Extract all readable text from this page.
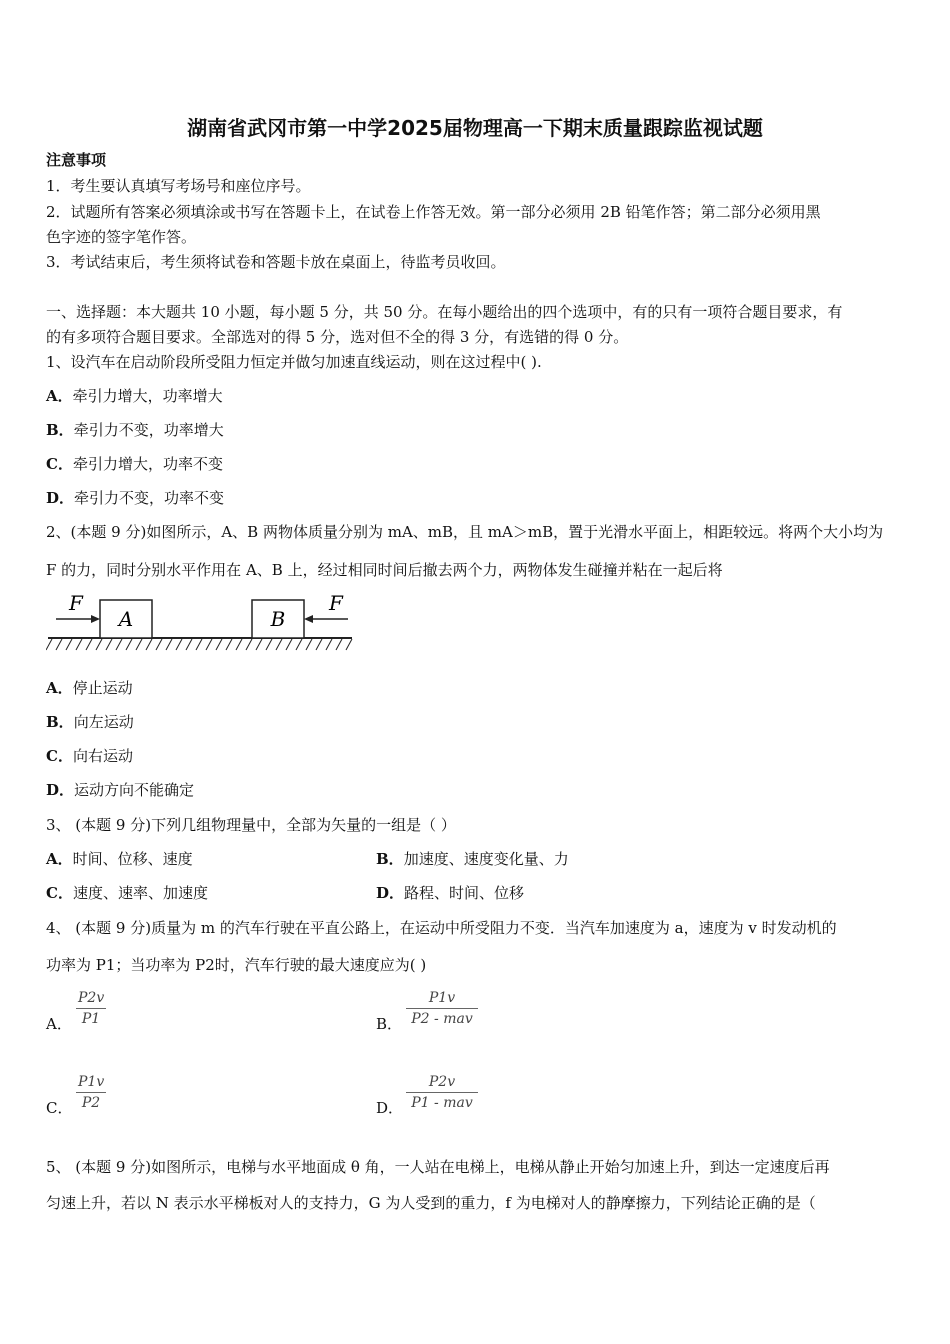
湖南省武冈市第一中学2025届物理高一下期末质量跟踪监视试题
注意事项
1．考生要认真填写考场号和座位序号。
2．试题所有答案必须填涂或书写在答题卡上，在试卷上作答无效。第一部分必须用 2B 铅笔作答；第二部分必须用黑
色字迹的签字笔作答。
3．考试结束后，考生须将试卷和答题卡放在桌面上，待监考员收回。
一、选择题：本大题共 10 小题，每小题 5 分，共 50 分。在每小题给出的四个选项中，有的只有一项符合题目要求，有
的有多项符合题目要求。全部选对的得 5 分，选对但不全的得 3 分，有选错的得 0 分。
1、设汽车在启动阶段所受阻力恒定并做匀加速直线运动，则在这过程中( ).
A．牵引力增大，功率增大
B．牵引力不变，功率增大
C．牵引力增大，功率不变
D．牵引力不变，功率不变
2、(本题 9 分)如图所示，A、B 两物体质量分别为 mA、mB，且 mA＞mB，置于光滑水平面上，相距较远。将两个大小均为
F 的力，同时分别水平作用在 A、B 上，经过相同时间后撤去两个力，两物体发生碰撞并粘在一起后将
A	B
F	F
A．停止运动
B．向左运动
C．向右运动
D．运动方向不能确定
3、 (本题 9 分)下列几组物理量中，全部为矢量的一组是（ ）
A．时间、位移、速度	B．加速度、速度变化量、力
C．速度、速率、加速度	D．路程、时间、位移
4、 (本题 9 分)质量为 m 的汽车行驶在平直公路上，在运动中所受阻力不变．当汽车加速度为 a，速度为 v 时发动机的
功率为 P1；当功率为 P2时，汽车行驶的最大速度应为( )
A．
P2v
P1	B．
P1v
P2 - mav
C．
P1v
P2	D．
P2v
P1 - mav
5、 (本题 9 分)如图所示，电梯与水平地面成 θ 角，一人站在电梯上，电梯从静止开始匀加速上升，到达一定速度后再
匀速上升，若以 N 表示水平梯板对人的支持力，G 为人受到的重力，f 为电梯对人的静摩擦力，下列结论正确的是（
